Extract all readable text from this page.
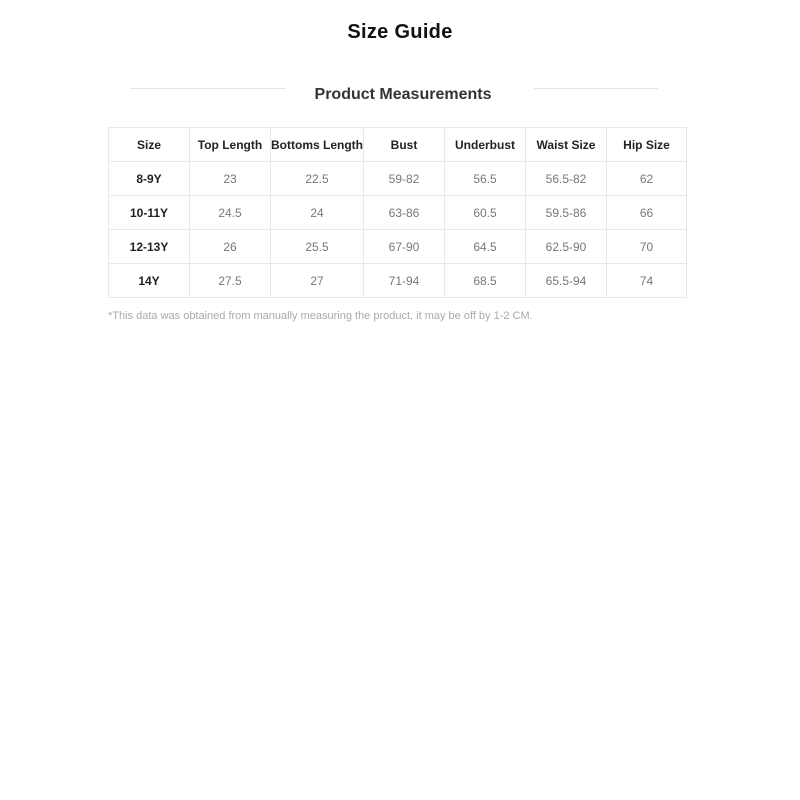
Size Guide
Product Measurements
Size	Top Length	Bottoms Length	Bust	Underbust	Waist Size	Hip Size
8-9Y	23	22.5	59-82	56.5	56.5-82	62
10-11Y	24.5	24	63-86	60.5	59.5-86	66
12-13Y	26	25.5	67-90	64.5	62.5-90	70
14Y	27.5	27	71-94	68.5	65.5-94	74
*This data was obtained from manually measuring the product, it may be off by 1-2 CM.
